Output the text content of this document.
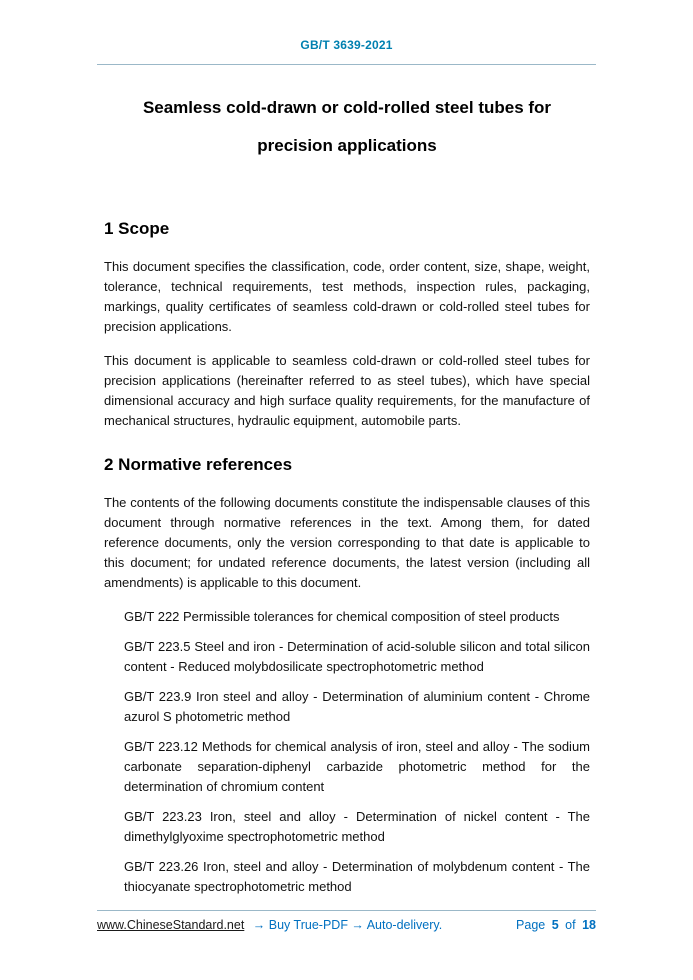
GB/T 3639-2021
Seamless cold-drawn or cold-rolled steel tubes for
precision applications
1 Scope

This document specifies the classification, code, order content, size, shape, weight, tolerance, technical requirements, test methods, inspection rules, packaging, markings, quality certificates of seamless cold-drawn or cold-rolled steel tubes for precision applications.

This document is applicable to seamless cold-drawn or cold-rolled steel tubes for precision applications (hereinafter referred to as steel tubes), which have special dimensional accuracy and high surface quality requirements, for the manufacture of mechanical structures, hydraulic equipment, automobile parts.

2 Normative references

The contents of the following documents constitute the indispensable clauses of this document through normative references in the text. Among them, for dated reference documents, only the version corresponding to that date is applicable to this document; for undated reference documents, the latest version (including all amendments) is applicable to this document.

GB/T 222 Permissible tolerances for chemical composition of steel products

GB/T 223.5 Steel and iron - Determination of acid-soluble silicon and total silicon content - Reduced molybdosilicate spectrophotometric method

GB/T 223.9 Iron steel and alloy - Determination of aluminium content - Chrome azurol S photometric method

GB/T 223.12 Methods for chemical analysis of iron, steel and alloy - The sodium carbonate separation-diphenyl carbazide photometric method for the determination of chromium content

GB/T 223.23 Iron, steel and alloy - Determination of nickel content - The dimethylglyoxime spectrophotometric method

GB/T 223.26 Iron, steel and alloy - Determination of molybdenum content - The thiocyanate spectrophotometric method

www.ChineseStandard.net → Buy True-PDF → Auto-delivery.	Page 5 of 18
